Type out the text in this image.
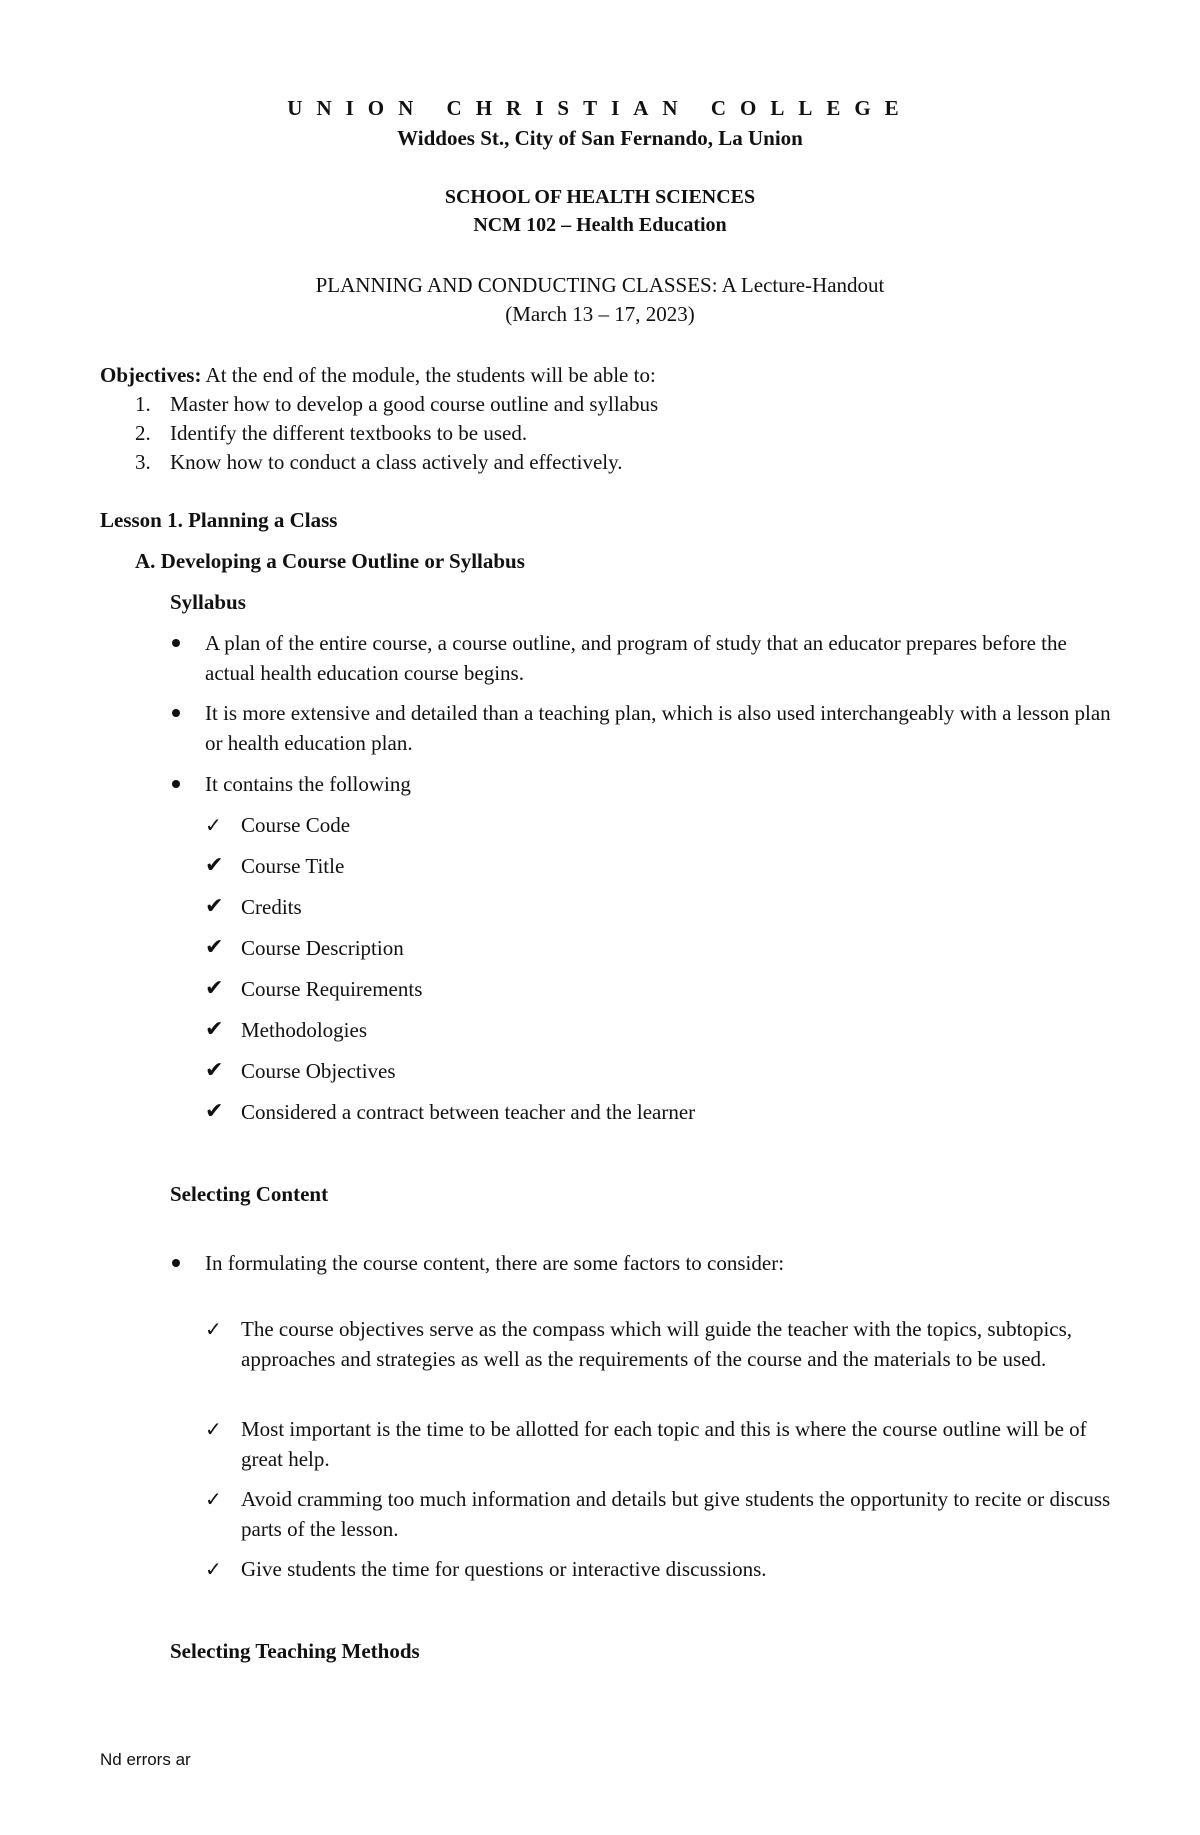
UNION CHRISTIAN COLLEGE
Widdoes St., City of San Fernando, La Union
SCHOOL OF HEALTH SCIENCES
NCM 102 – Health Education
PLANNING AND CONDUCTING CLASSES: A Lecture-Handout
(March 13 – 17, 2023)
Objectives: At the end of the module, the students will be able to:
1. Master how to develop a good course outline and syllabus
2. Identify the different textbooks to be used.
3. Know how to conduct a class actively and effectively.
Lesson 1. Planning a Class
A. Developing a Course Outline or Syllabus
Syllabus
A plan of the entire course, a course outline, and program of study that an educator prepares before the actual health education course begins.
It is more extensive and detailed than a teaching plan, which is also used interchangeably with a lesson plan or health education plan.
It contains the following
✓ Course Code
✔ Course Title
✔ Credits
✔ Course Description
✔ Course Requirements
✔ Methodologies
✔ Course Objectives
✔ Considered a contract between teacher and the learner
Selecting Content
In formulating the course content, there are some factors to consider:
✓ The course objectives serve as the compass which will guide the teacher with the topics, subtopics, approaches and strategies as well as the requirements of the course and the materials to be used.
✓ Most important is the time to be allotted for each topic and this is where the course outline will be of great help.
✓ Avoid cramming too much information and details but give students the opportunity to recite or discuss parts of the lesson.
✓ Give students the time for questions or interactive discussions.
Selecting Teaching Methods
Nd errors ar
